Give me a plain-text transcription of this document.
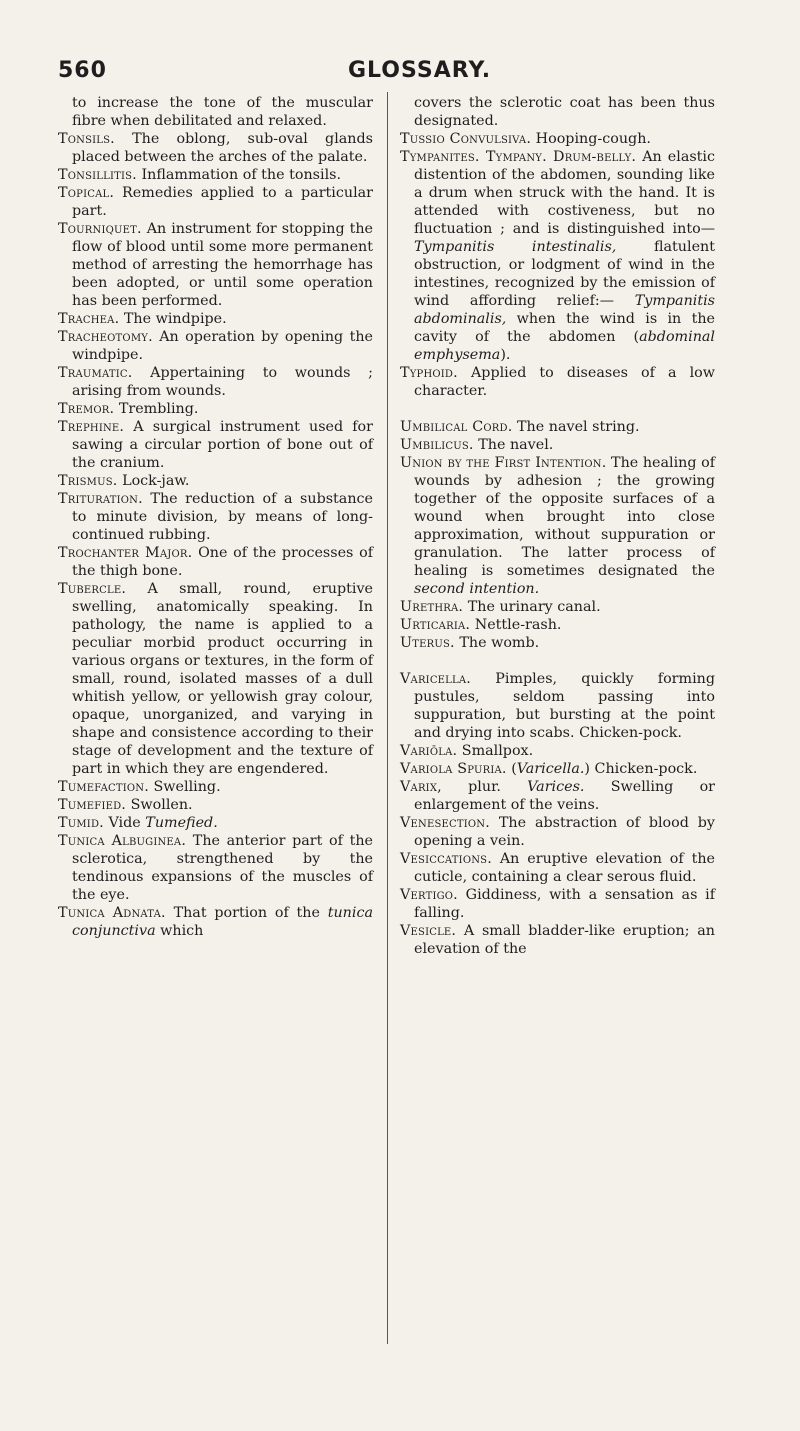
560	GLOSSARY.

to increase the tone of the muscular fibre when debilitated and relaxed.

Tonsils. The oblong, sub-oval glands placed between the arches of the palate.

Tonsillitis. Inflammation of the tonsils.

Topical. Remedies applied to a particular part.

Tourniquet. An instrument for stopping the flow of blood until some more permanent method of arresting the hemorrhage has been adopted, or until some operation has been performed.

Trachea. The windpipe.

Tracheotomy. An operation by opening the windpipe.

Traumatic. Appertaining to wounds ; arising from wounds.

Tremor. Trembling.

Trephine. A surgical instrument used for sawing a circular portion of bone out of the cranium.

Trismus. Lock-jaw.

Trituration. The reduction of a substance to minute division, by means of long-continued rubbing.

Trochanter Major. One of the processes of the thigh bone.

Tubercle. A small, round, eruptive swelling, anatomically speaking. In pathology, the name is applied to a peculiar morbid product occurring in various organs or textures, in the form of small, round, isolated masses of a dull whitish yellow, or yellowish gray colour, opaque, unorganized, and varying in shape and consistence according to their stage of development and the texture of part in which they are engendered.

Tumefaction. Swelling.

Tumefied. Swollen.

Tumid. Vide Tumefied.

Tunica Albuginea. The anterior part of the sclerotica, strengthened by the tendinous expansions of the muscles of the eye.

Tunica Adnata. That portion of the tunica conjunctiva which

covers the sclerotic coat has been thus designated.

Tussio Convulsiva. Hooping-cough.

Tympanites. Tympany. Drum-belly. An elastic distention of the abdomen, sounding like a drum when struck with the hand. It is attended with costiveness, but no fluctuation ; and is distinguished into— Tympanitis intestinalis,	flatulent obstruction, or lodgment of wind in the intestines, recognized by the emission of wind affording relief:— Tympanitis abdominalis, when the wind is in the cavity of the abdomen (abdominal emphysema).

Typhoid. Applied to diseases of a low character.

Umbilical Cord. The navel string.

Umbilicus. The navel.

Union by the First Intention. The healing of wounds by adhesion ; the growing together of the opposite surfaces of a wound when brought into close approximation, without suppuration or granulation. The latter process of healing is sometimes designated the second intention.

Urethra. The urinary canal.

Urticaria. Nettle-rash.

Uterus. The womb.

Varicella. Pimples, quickly forming pustules, seldom passing into suppuration, but bursting at the point and drying into scabs. Chicken-pock.

Variōla. Smallpox.

Variola Spuria. (Varicella.) Chicken-pock.

Varix, plur. Varices. Swelling or enlargement of the veins.

Venesection. The abstraction of blood by opening a vein.

Vesiccations. An eruptive elevation of the cuticle, containing a clear serous fluid.

Vertigo. Giddiness, with a sensation as if falling.

Vesicle. A small bladder-like eruption; an elevation of the
